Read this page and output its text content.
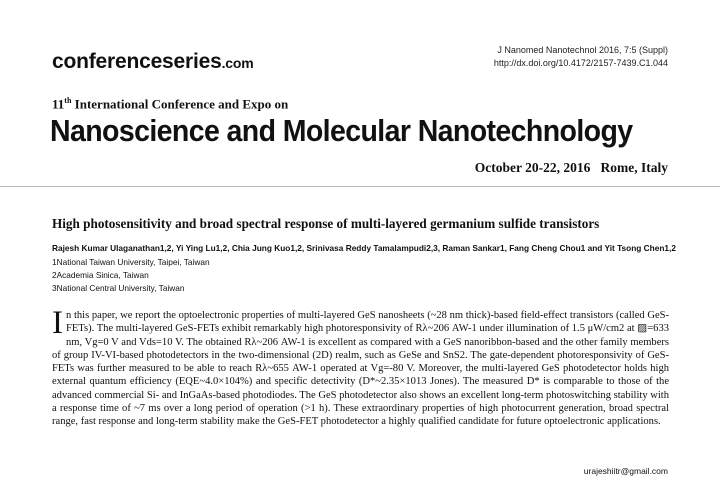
conferenceseries.com
J Nanomed Nanotechnol 2016, 7:5 (Suppl)
http://dx.doi.org/10.4172/2157-7439.C1.044
11th International Conference and Expo on
Nanoscience and Molecular Nanotechnology
October 20-22, 2016   Rome, Italy
High photosensitivity and broad spectral response of multi-layered germanium sulfide transistors
Rajesh Kumar Ulaganathan1,2, Yi Ying Lu1,2, Chia Jung Kuo1,2, Srinivasa Reddy Tamalampudi2,3, Raman Sankar1, Fang Cheng Chou1 and Yit Tsong Chen1,2
1National Taiwan University, Taipei, Taiwan
2Academia Sinica, Taiwan
3National Central University, Taiwan
In this paper, we report the optoelectronic properties of multi-layered GeS nanosheets (~28 nm thick)-based field-effect transistors (called GeS-FETs). The multi-layered GeS-FETs exhibit remarkably high photoresponsivity of Rλ~206 AW-1 under illumination of 1.5 μW/cm2 at ▨=633 nm, Vg=0 V and Vds=10 V. The obtained Rλ~206 AW-1 is excellent as compared with a GeS nanoribbon-based and the other family members of group IV-VI-based photodetectors in the two-dimensional (2D) realm, such as GeSe and SnS2. The gate-dependent photoresponsivity of GeS-FETs was further measured to be able to reach Rλ~655 AW-1 operated at Vg=-80 V. Moreover, the multi-layered GeS photodetector holds high external quantum efficiency (EQE~4.0×104%) and specific detectivity (D*~2.35×1013 Jones). The measured D* is comparable to those of the advanced commercial Si- and InGaAs-based photodiodes. The GeS photodetector also shows an excellent long-term photoswitching stability with a response time of ~7 ms over a long period of operation (>1 h). These extraordinary properties of high photocurrent generation, broad spectral range, fast response and long-term stability make the GeS-FET photodetector a highly qualified candidate for future optoelectronic applications.
urajeshiitr@gmail.com
